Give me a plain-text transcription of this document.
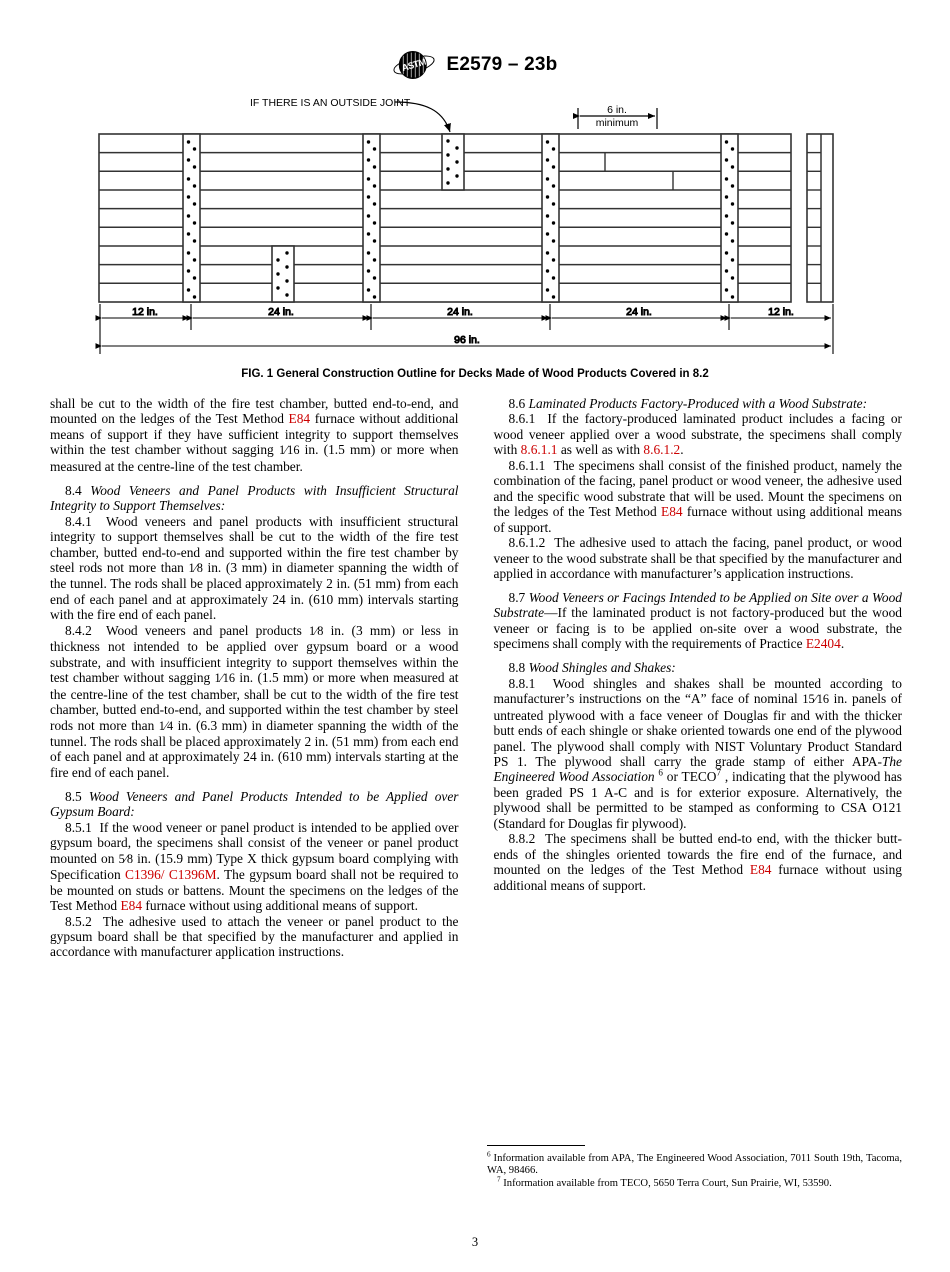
ASTM E2579 – 23b
IF THERE IS AN OUTSIDE JOINT
6 in.
minimum
12 in.	24 in.	24 in.	24 in.	12 in.
96 in.
FIG. 1 General Construction Outline for Decks Made of Wood Products Covered in 8.2

shall be cut to the width of the fire test chamber, butted end-to-end, and mounted on the ledges of the Test Method E84 furnace without additional means of support if they have sufficient integrity to support themselves within the test chamber without sagging 1⁄16 in. (1.5 mm) or more when measured at the centre-line of the test chamber.

8.4 Wood Veneers and Panel Products with Insufficient Structural Integrity to Support Themselves:

8.4.1 Wood veneers and panel products with insufficient structural integrity to support themselves shall be cut to the width of the fire test chamber, butted end-to-end and supported within the fire test chamber by steel rods not more than 1⁄8 in. (3 mm) in diameter spanning the width of the tunnel. The rods shall be placed approximately 2 in. (51 mm) from each end of each panel and at approximately 24 in. (610 mm) intervals starting with the fire end of each panel.

8.4.2 Wood veneers and panel products 1⁄8 in. (3 mm) or less in thickness not intended to be applied over gypsum board or a wood substrate, and with insufficient integrity to support themselves within the test chamber without sagging 1⁄16 in. (1.5 mm) or more when measured at the centre-line of the test chamber, shall be cut to the width of the fire test chamber, butted end-to-end, and supported within the test chamber by steel rods not more than 1⁄4 in. (6.3 mm) in diameter spanning the width of the tunnel. The rods shall be placed approximately 2 in. (51 mm) from each end of each panel and at approximately 24 in. (610 mm) intervals starting at the fire end of each panel.

8.5 Wood Veneers and Panel Products Intended to be Applied over Gypsum Board:

8.5.1 If the wood veneer or panel product is intended to be applied over gypsum board, the specimens shall consist of the veneer or panel product mounted on 5⁄8 in. (15.9 mm) Type X thick gypsum board complying with Specification C1396/ C1396M. The gypsum board shall not be required to be mounted on studs or battens. Mount the specimens on the ledges of the Test Method E84 furnace without using additional means of support.

8.5.2 The adhesive used to attach the veneer or panel product to the gypsum board shall be that specified by the manufacturer and applied in accordance with manufacturer application instructions.

8.6 Laminated Products Factory-Produced with a Wood Substrate:

8.6.1 If the factory-produced laminated product includes a facing or wood veneer applied over a wood substrate, the specimens shall comply with 8.6.1.1 as well as with 8.6.1.2.

8.6.1.1 The specimens shall consist of the finished product, namely the combination of the facing, panel product or wood veneer, the adhesive used and the specific wood substrate that will be used. Mount the specimens on the ledges of the Test Method E84 furnace without using additional means of support.

8.6.1.2 The adhesive used to attach the facing, panel product, or wood veneer to the wood substrate shall be that specified by the manufacturer and applied in accordance with manufacturer’s application instructions.

8.7 Wood Veneers or Facings Intended to be Applied on Site over a Wood Substrate—If the laminated product is not factory-produced but the wood veneer or facing is to be applied on-site over a wood substrate, the specimens shall comply with the requirements of Practice E2404.

8.8 Wood Shingles and Shakes:

8.8.1 Wood shingles and shakes shall be mounted according to manufacturer’s instructions on the “A” face of nominal 15⁄16 in. panels of untreated plywood with a face veneer of Douglas fir and with the thicker butt ends of each shingle or shake oriented towards one end of the plywood panel. The plywood shall comply with NIST Voluntary Product Standard PS 1. The plywood shall carry the grade stamp of either APA-The Engineered Wood Association $^6$ or TECO$^7$ , indicating that the plywood has been graded PS 1 A-C and is for exterior exposure. Alternatively, the plywood shall be permitted to be stamped as conforming to CSA O121 (Standard for Douglas fir plywood).

8.8.2 The specimens shall be butted end-to end, with the thicker butt-ends of the shingles oriented towards the fire end of the furnace, and mounted on the ledges of the Test Method E84 furnace without using additional means of support.

$^6$ Information available from APA, The Engineered Wood Association, 7011 South 19th, Tacoma, WA, 98466.

$^7$ Information available from TECO, 5650 Terra Court, Sun Prairie, WI, 53590.

3
